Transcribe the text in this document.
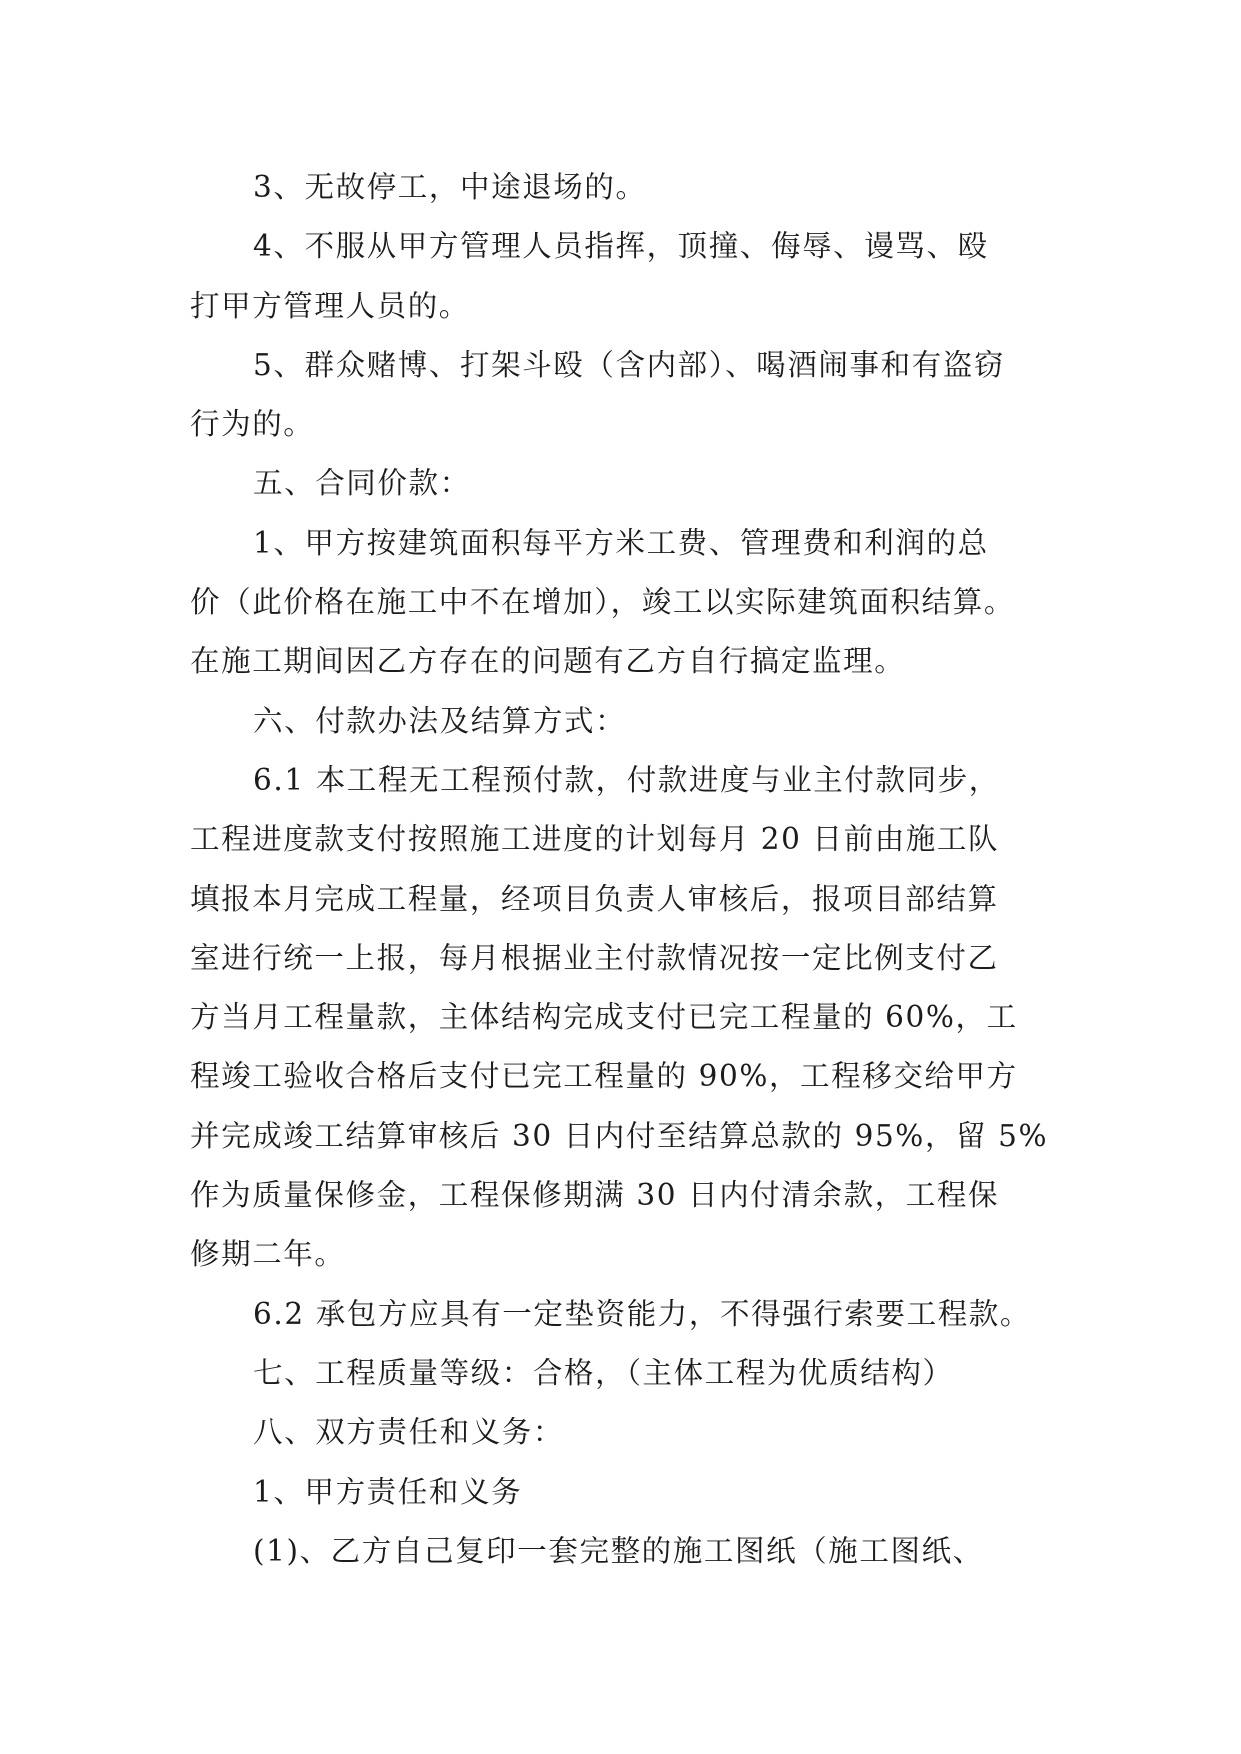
3、无故停工，中途退场的。
4、不服从甲方管理人员指挥，顶撞、侮辱、谩骂、殴
打甲方管理人员的。
5、群众赌博、打架斗殴（含内部）、喝酒闹事和有盗窃
行为的。
五、合同价款：
1、甲方按建筑面积每平方米工费、管理费和利润的总
价（此价格在施工中不在增加），竣工以实际建筑面积结算。
在施工期间因乙方存在的问题有乙方自行搞定监理。
六、付款办法及结算方式：
6.1 本工程无工程预付款，付款进度与业主付款同步，
工程进度款支付按照施工进度的计划每月 20 日前由施工队
填报本月完成工程量，经项目负责人审核后，报项目部结算
室进行统一上报，每月根据业主付款情况按一定比例支付乙
方当月工程量款，主体结构完成支付已完工程量的 60%，工
程竣工验收合格后支付已完工程量的 90%，工程移交给甲方
并完成竣工结算审核后 30 日内付至结算总款的 95%，留 5%
作为质量保修金，工程保修期满 30 日内付清余款，工程保
修期二年。
6.2 承包方应具有一定垫资能力，不得强行索要工程款。
七、工程质量等级：合格，（主体工程为优质结构）
八、双方责任和义务：
1、甲方责任和义务
(1)、乙方自己复印一套完整的施工图纸（施工图纸、
